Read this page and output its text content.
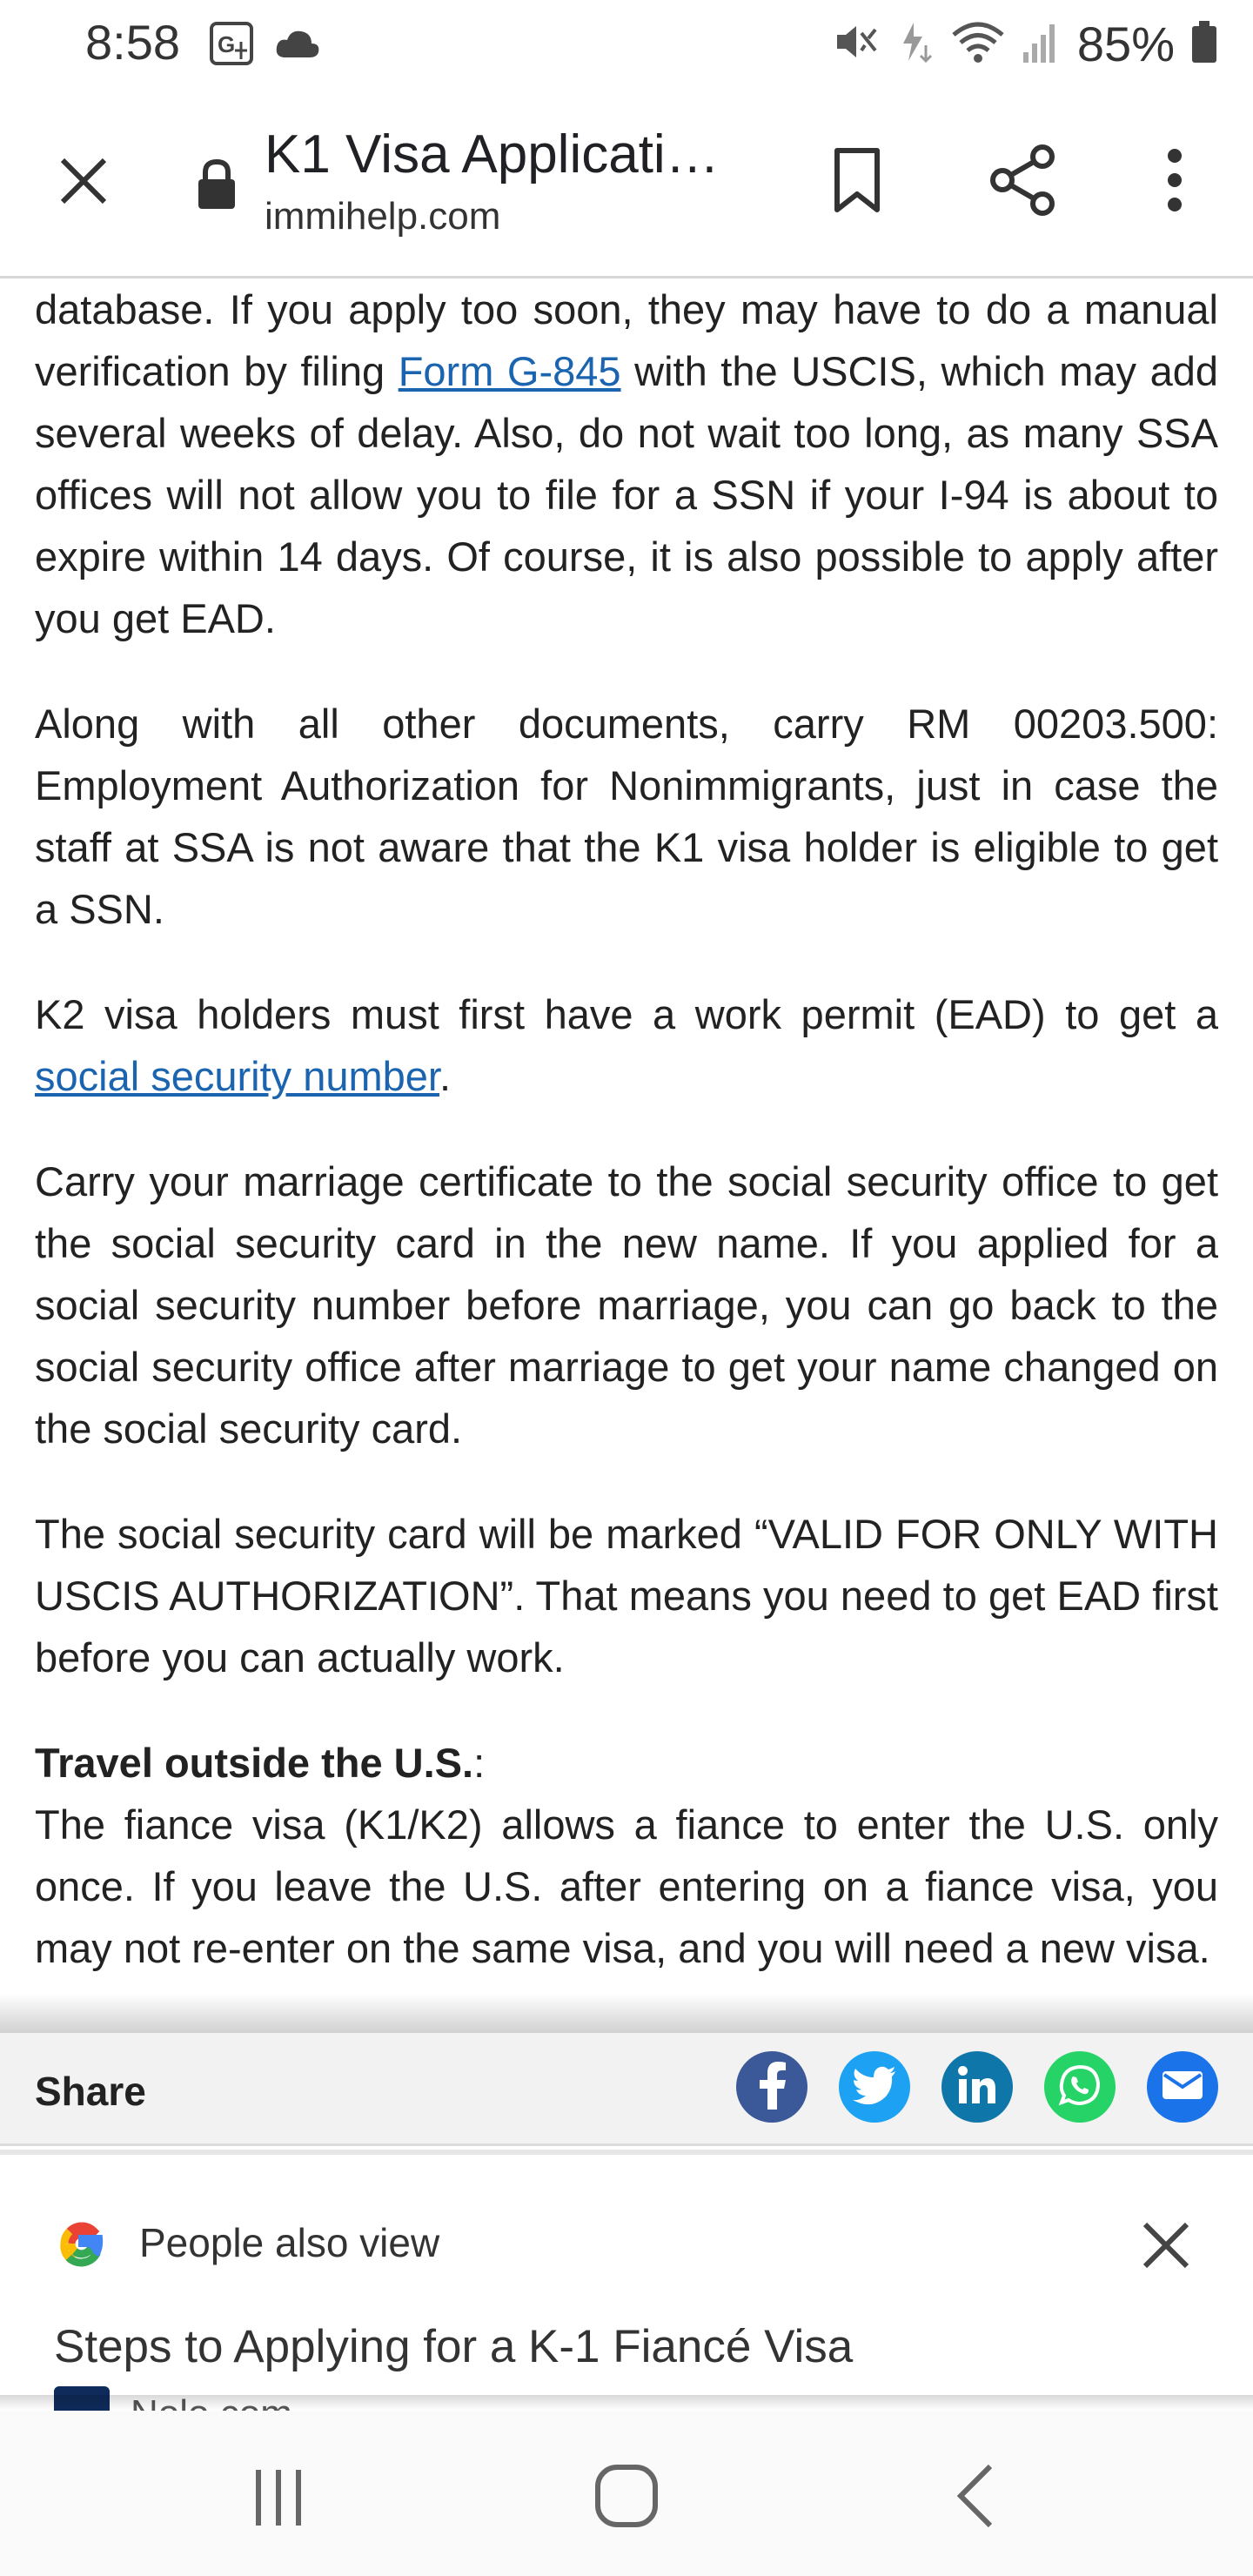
8:58 G	85%
K1 Visa Applicati…
immihelp.com

database. If you apply too soon, they may have to do a manual verification by filing Form G-845 with the USCIS, which may add several weeks of delay. Also, do not wait too long, as many SSA offices will not allow you to file for a SSN if your I-94 is about to expire within 14 days. Of course, it is also possible to apply after you get EAD.

Along with all other documents, carry RM 00203.500: Employment Authorization for Nonimmigrants, just in case the staff at SSA is not aware that the K1 visa holder is eligible to get a SSN.

K2 visa holders must first have a work permit (EAD) to get a social security number.

Carry your marriage certificate to the social security office to get the social security card in the new name. If you applied for a social security number before marriage, you can go back to the social security office after marriage to get your name changed on the social security card.

The social security card will be marked “VALID FOR ONLY WITH USCIS AUTHORIZATION”. That means you need to get EAD first before you can actually work.

Travel outside the U.S.:

The fiance visa (K1/K2) allows a fiance to enter the U.S. only once. If you leave the U.S. after entering on a fiance visa, you may not re-enter on the same visa, and you will need a new visa.

Share
People also view
Steps to Applying for a K-1 Fiancé Visa
